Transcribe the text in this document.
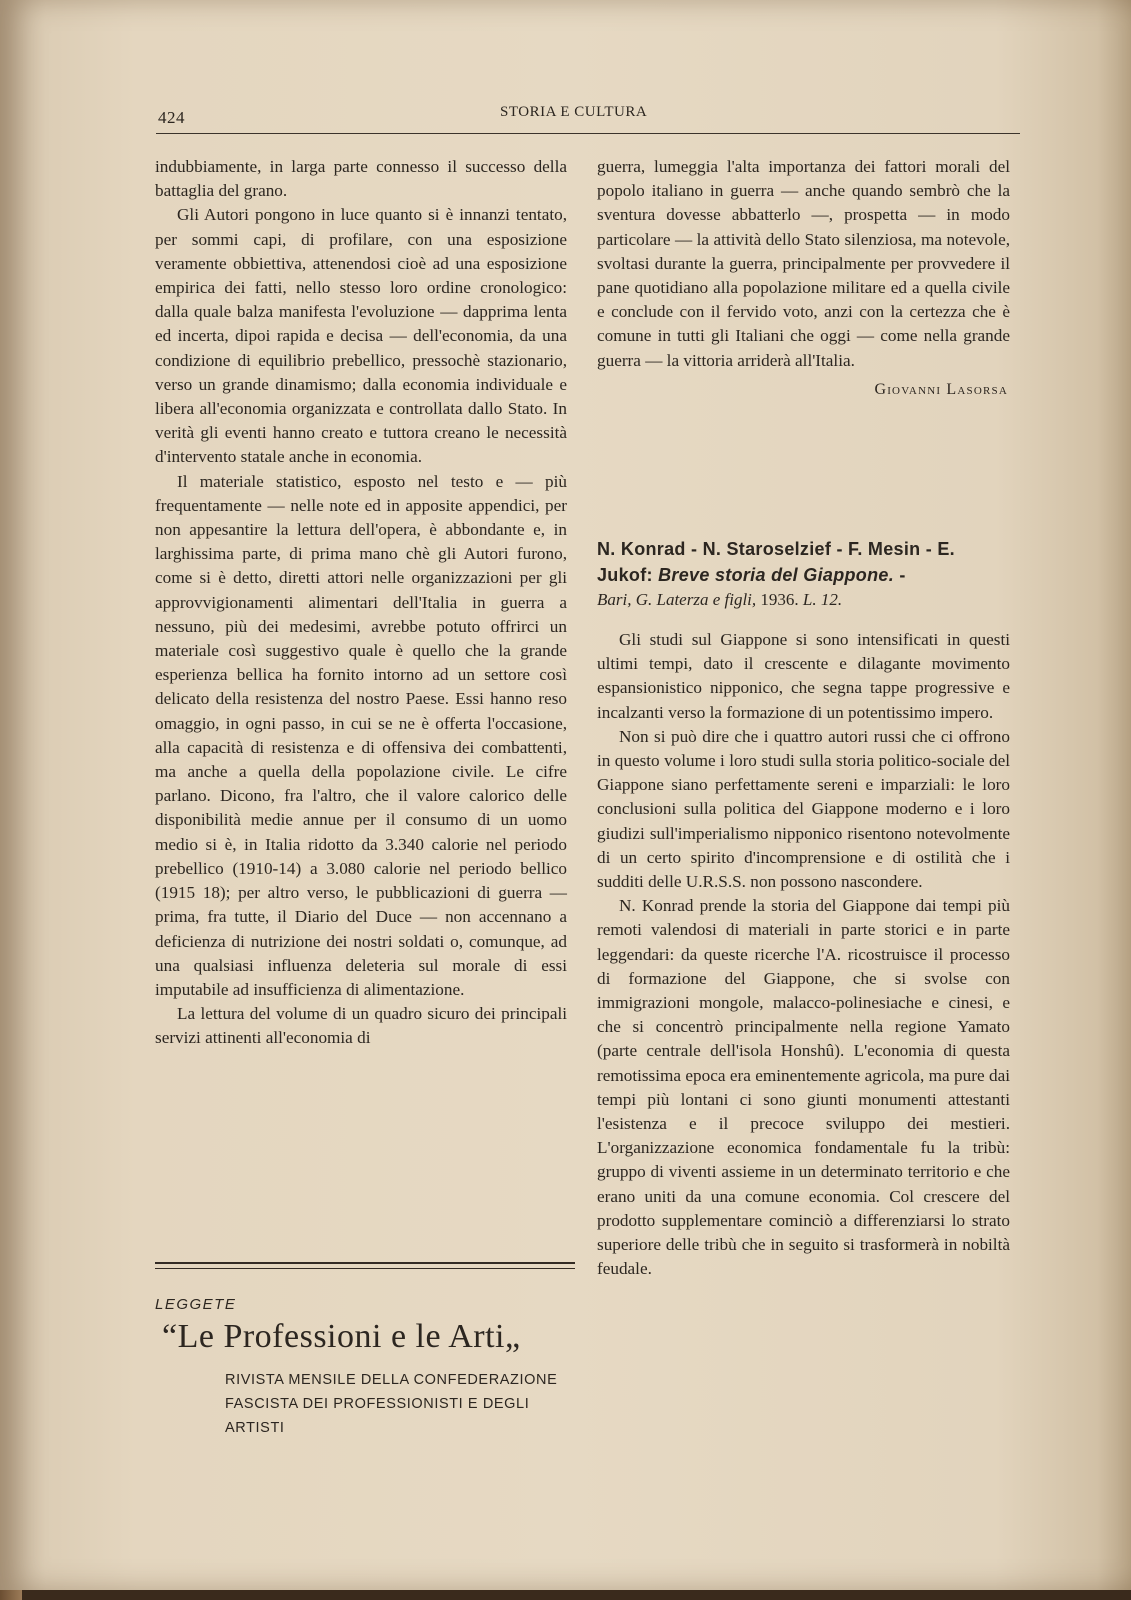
424	STORIA E CULTURA

indubbiamente, in larga parte connesso il successo della battaglia del grano.

Gli Autori pongono in luce quanto si è innanzi tentato, per sommi capi, di profilare, con una esposizione veramente obbiettiva, attenendosi cioè ad una esposizione empirica dei fatti, nello stesso loro ordine cronologico: dalla quale balza manifesta l'evoluzione — dapprima lenta ed incerta, dipoi rapida e decisa — dell'economia, da una condizione di equilibrio prebellico, pressochè stazionario, verso un grande dinamismo; dalla economia individuale e libera all'economia organizzata e controllata dallo Stato. In verità gli eventi hanno creato e tuttora creano le necessità d'intervento statale anche in economia.

Il materiale statistico, esposto nel testo e — più frequentamente — nelle note ed in apposite appendici, per non appesantire la lettura dell'opera, è abbondante e, in larghissima parte, di prima mano chè gli Autori furono, come si è detto, diretti attori nelle organizzazioni per gli approvvigionamenti alimentari dell'Italia in guerra a nessuno, più dei medesimi, avrebbe potuto offrirci un materiale così suggestivo quale è quello che la grande esperienza bellica ha fornito intorno ad un settore così delicato della resistenza del nostro Paese. Essi hanno reso omaggio, in ogni passo, in cui se ne è offerta l'occasione, alla capacità di resistenza e di offensiva dei combattenti, ma anche a quella della popolazione civile. Le cifre parlano. Dicono, fra l'altro, che il valore calorico delle disponibilità medie annue per il consumo di un uomo medio si è, in Italia ridotto da 3.340 calorie nel periodo prebellico (1910-14) a 3.080 calorie nel periodo bellico (1915 18); per altro verso, le pubblicazioni di guerra — prima, fra tutte, il Diario del Duce — non accennano a deficienza di nutrizione dei nostri soldati o, comunque, ad una qualsiasi influenza deleteria sul morale di essi imputabile ad insufficienza di alimentazione.

La lettura del volume di un quadro sicuro dei principali servizi attinenti all'economia di

guerra, lumeggia l'alta importanza dei fattori morali del popolo italiano in guerra — anche quando sembrò che la sventura dovesse abbatterlo —, prospetta — in modo particolare — la attività dello Stato silenziosa, ma notevole, svoltasi durante la guerra, principalmente per provvedere il pane quotidiano alla popolazione militare ed a quella civile e conclude con il fervido voto, anzi con la certezza che è comune in tutti gli Italiani che oggi — come nella grande guerra — la vittoria arriderà all'Italia.

Giovanni Lasorsa
N. Konrad - N. Staroselzief - F. Mesin - E. Jukof: Breve storia del Giappone. -
Bari, G. Laterza e figli, 1936. L. 12.

Gli studi sul Giappone si sono intensificati in questi ultimi tempi, dato il crescente e dilagante movimento espansionistico nipponico, che segna tappe progressive e incalzanti verso la formazione di un potentissimo impero.

Non si può dire che i quattro autori russi che ci offrono in questo volume i loro studi sulla storia politico-sociale del Giappone siano perfettamente sereni e imparziali: le loro conclusioni sulla politica del Giappone moderno e i loro giudizi sull'imperialismo nipponico risentono notevolmente di un certo spirito d'incomprensione e di ostilità che i sudditi delle U.R.S.S. non possono nascondere.

N. Konrad prende la storia del Giappone dai tempi più remoti valendosi di materiali in parte storici e in parte leggendari: da queste ricerche l'A. ricostruisce il processo di formazione del Giappone, che si svolse con immigrazioni mongole, malacco-polinesiache e cinesi, e che si concentrò principalmente nella regione Yamato (parte centrale dell'isola Honshû). L'economia di questa remotissima epoca era eminentemente agricola, ma pure dai tempi più lontani ci sono giunti monumenti attestanti l'esistenza e il precoce sviluppo dei mestieri. L'organizzazione economica fondamentale fu la tribù: gruppo di viventi assieme in un determinato territorio e che erano uniti da una comune economia. Col crescere del prodotto supplementare cominciò a differenziarsi lo strato superiore delle tribù che in seguito si trasformerà in nobiltà feudale.

LEGGETE
“Le Professioni e le Arti„
RIVISTA MENSILE DELLA CONFEDERAZIONE FASCISTA DEI PROFESSIONISTI E DEGLI ARTISTI
